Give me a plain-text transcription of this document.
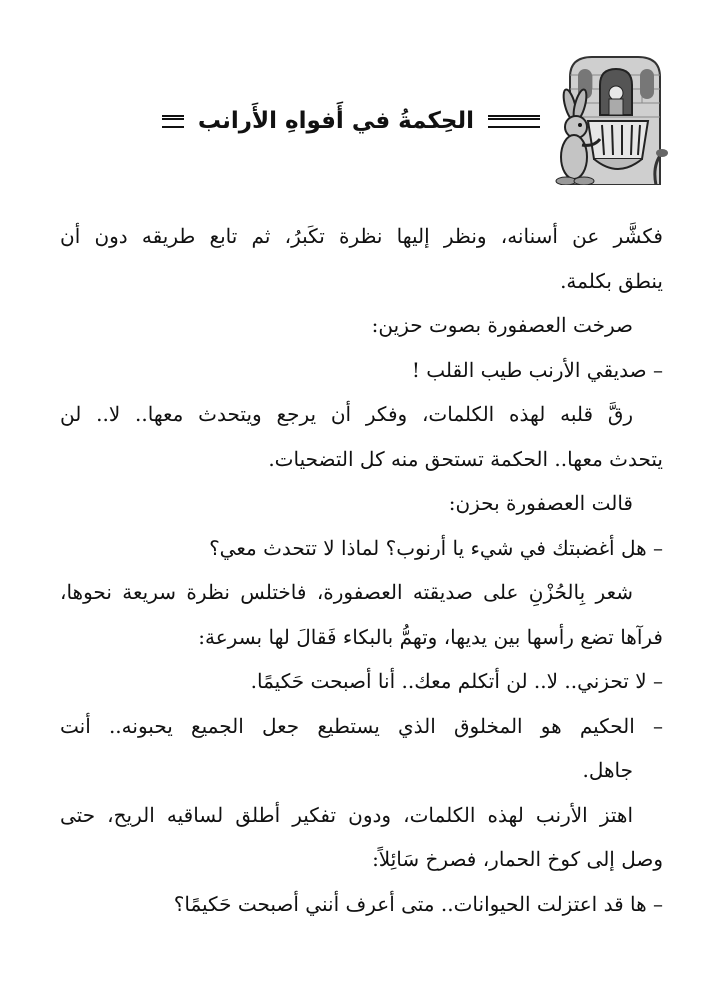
الحِكمةُ في أَفواهِ الأَرانب
فكشَّر عن أسنانه، ونظر إليها نظرة تكَبرُ، ثم تابع طريقه دون أن
ينطق بكلمة.
صرخت العصفورة بصوت حزين:
– صديقي الأرنب طيب القلب !
رقَّ قلبه لهذه الكلمات، وفكر أن يرجع ويتحدث معها.. لا.. لن
يتحدث معها.. الحكمة تستحق منه كل التضحيات.
قالت العصفورة بحزن:
– هل أغضبتك في شيء يا أرنوب؟ لماذا لا تتحدث معي؟
شعر بِالحُزْنِ على صديقته العصفورة، فاختلس نظرة سريعة نحوها،
فرآها تضع رأسها بين يديها، وتهمُّ بالبكاء فَقالَ لها بسرعة:
– لا تحزني.. لا.. لن أتكلم معك.. أنا أصبحت حَكيمًا.
– الحكيم هو المخلوق الذي يستطيع جعل الجميع يحبونه.. أنت
جاهل.
اهتز الأرنب لهذه الكلمات، ودون تفكير أطلق لساقيه الريح، حتى
وصل إلى كوخ الحمار، فصرخ سَائِلاً:
– ها قد اعتزلت الحيوانات.. متى أعرف أنني أصبحت حَكيمًا؟
